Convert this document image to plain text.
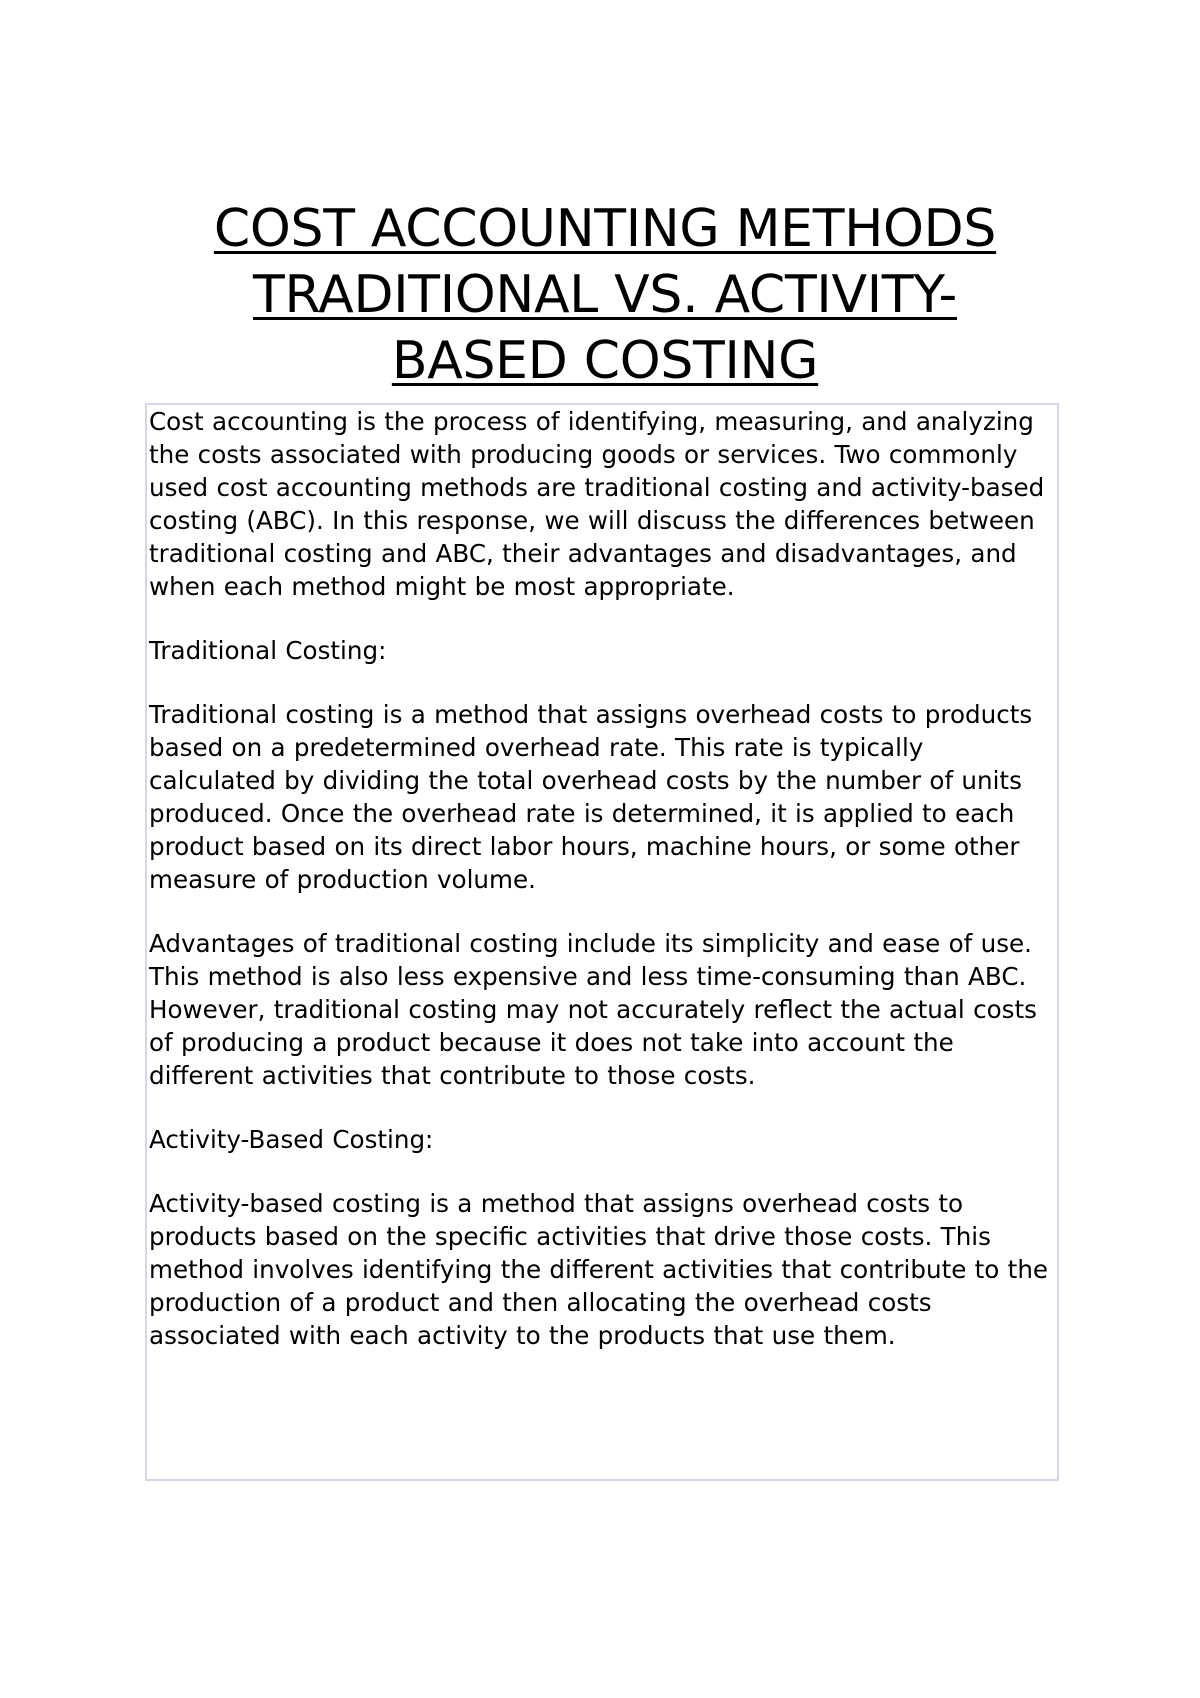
COST ACCOUNTING METHODS
TRADITIONAL VS. ACTIVITY-
BASED COSTING

Cost accounting is the process of identifying, measuring, and analyzing the costs associated with producing goods or services. Two commonly used cost accounting methods are traditional costing and activity-based costing (ABC). In this response, we will discuss the differences between traditional costing and ABC, their advantages and disadvantages, and when each method might be most appropriate.

Traditional Costing:

Traditional costing is a method that assigns overhead costs to products based on a predetermined overhead rate. This rate is typically calculated by dividing the total overhead costs by the number of units produced. Once the overhead rate is determined, it is applied to each product based on its direct labor hours, machine hours, or some other measure of production volume.

Advantages of traditional costing include its simplicity and ease of use. This method is also less expensive and less time-consuming than ABC. However, traditional costing may not accurately reflect the actual costs of producing a product because it does not take into account the different activities that contribute to those costs.

Activity-Based Costing:

Activity-based costing is a method that assigns overhead costs to products based on the specific activities that drive those costs. This method involves identifying the different activities that contribute to the production of a product and then allocating the overhead costs associated with each activity to the products that use them.
